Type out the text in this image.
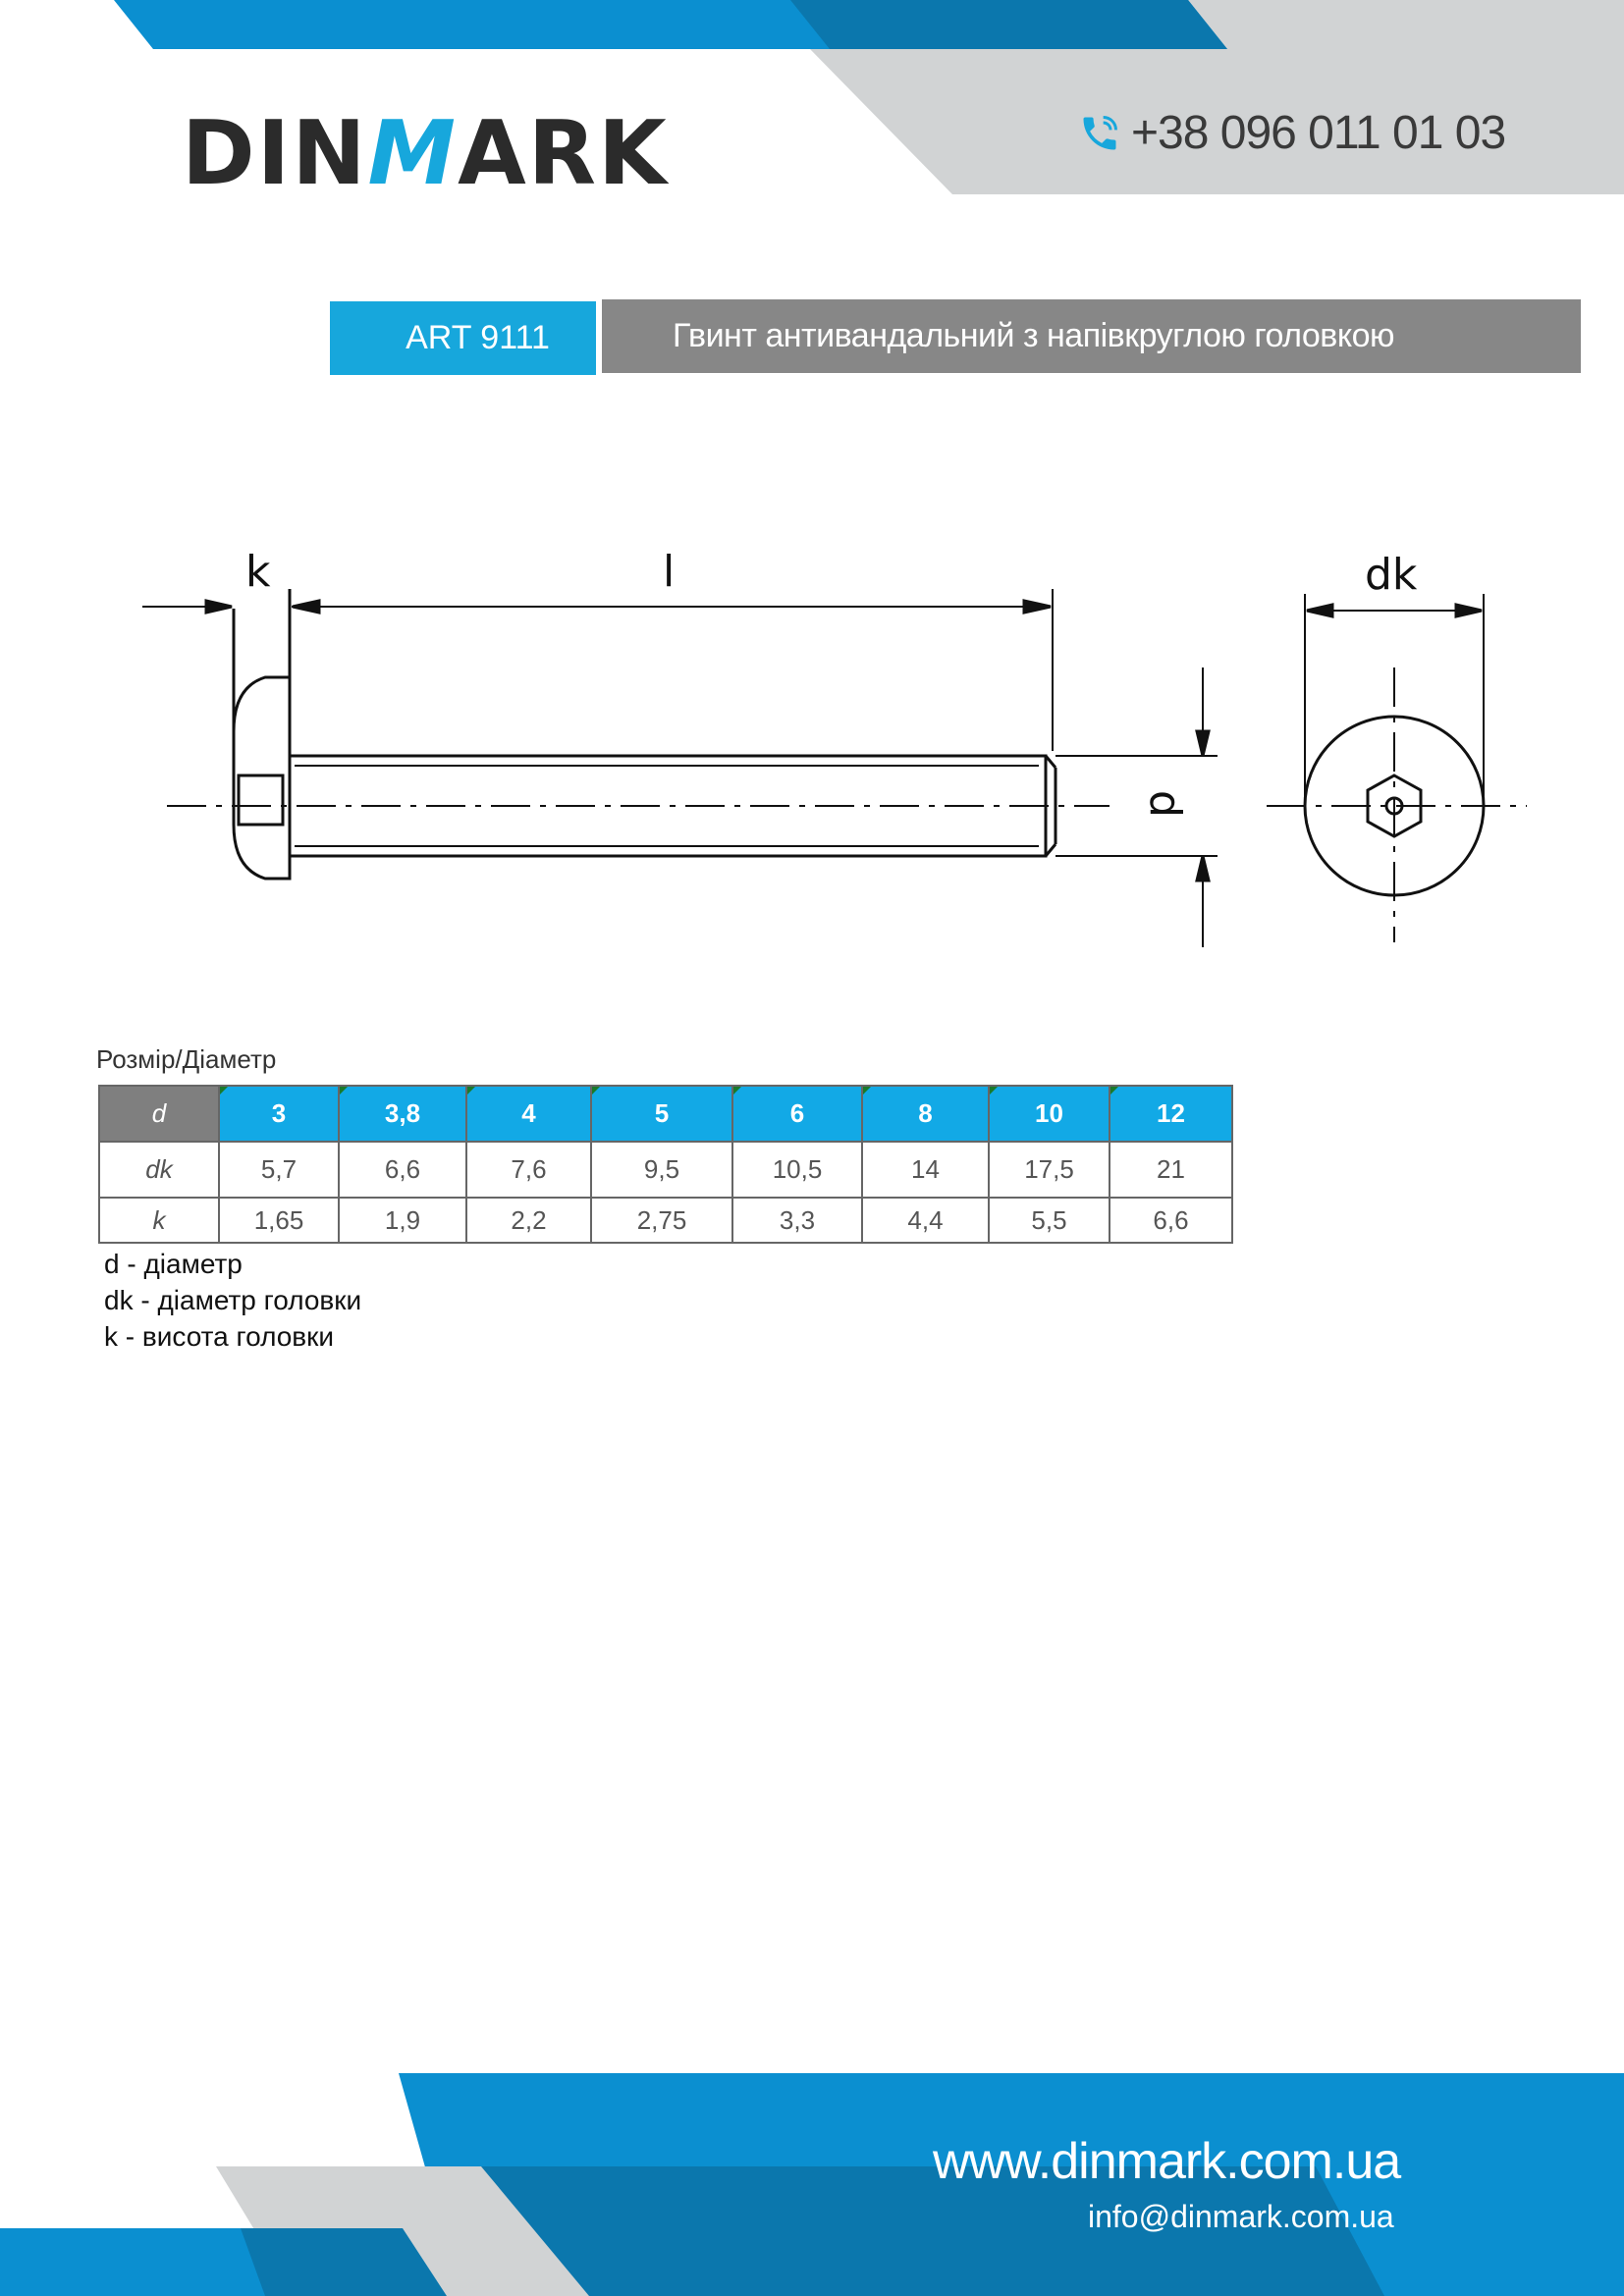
k	l	dk
d
DINMARK	+38 096 011 01 03
ART 9111	Гвинт антивандальний з напівкруглою головкою
Розмір/Діаметр
d	3	3,8	4	5	6	8	10	12
dk	5,7	6,6	7,6	9,5	10,5	14	17,5	21
k	1,65	1,9	2,2	2,75	3,3	4,4	5,5	6,6
d - діаметр
dk - діаметр головки
k - висота головки
www.dinmark.com.ua
info@dinmark.com.ua
